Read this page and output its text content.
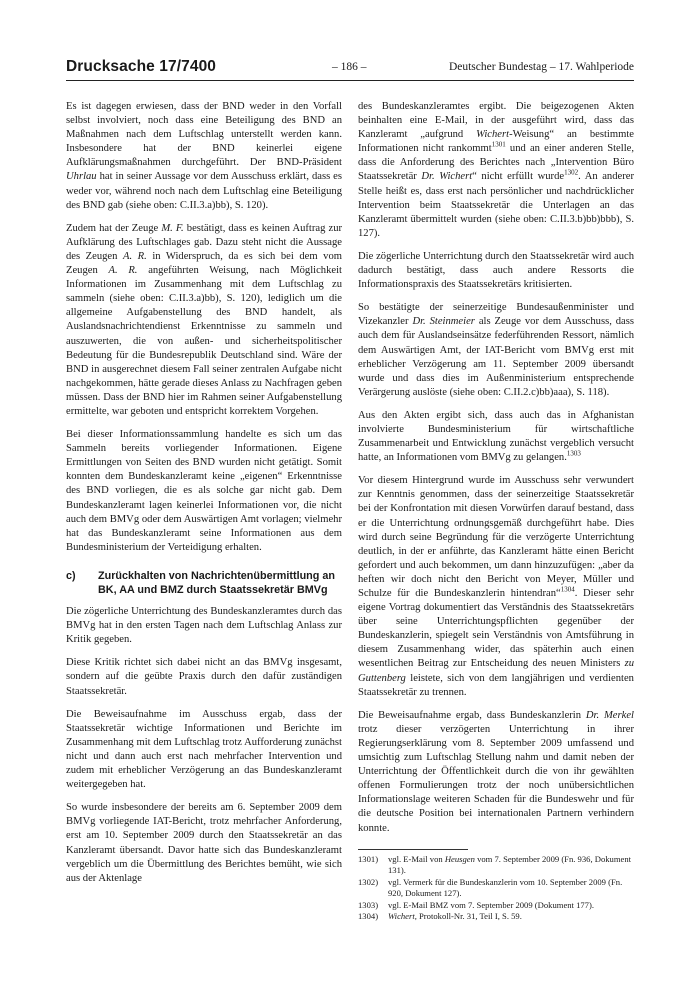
Drucksache 17/7400	– 186 –	Deutscher Bundestag – 17. Wahlperiode

Es ist dagegen erwiesen, dass der BND weder in den Vorfall selbst involviert, noch dass eine Beteiligung des BND an Maßnahmen nach dem Luftschlag unterstellt werden kann. Insbesondere hat der BND keinerlei eigene Aufklärungsmaßnahmen durchgeführt. Der BND-Präsident Uhrlau hat in seiner Aussage vor dem Ausschuss erklärt, dass es weder vor, während noch nach dem Luftschlag eine Beteiligung des BND gab (siehe oben: C.II.3.a)bb), S. 120).

Zudem hat der Zeuge M. F. bestätigt, dass es keinen Auftrag zur Aufklärung des Luftschlages gab. Dazu steht nicht die Aussage des Zeugen A. R. in Widerspruch, da es sich bei dem vom Zeugen A. R. angeführten Weisung, nach Möglichkeit Informationen im Zusammenhang mit dem Luftschlag zu sammeln (siehe oben: C.II.3.a)bb), S. 120), lediglich um die allgemeine Aufgabenstellung des BND handelt, als Auslandsnachrichtendienst Erkenntnisse zu sammeln und auszuwerten, die von außen- und sicherheitspolitischer Bedeutung für die Bundesrepublik Deutschland sind. Wäre der BND in ausgerechnet diesem Fall seiner zentralen Aufgabe nicht nachgekommen, hätte gerade dieses Anlass zu Nachfragen geben müssen. Dass der BND hier im Rahmen seiner Aufgabenstellung ermittelte, war geboten und entspricht korrektem Vorgehen.

Bei dieser Informationssammlung handelte es sich um das Sammeln bereits vorliegender Informationen. Eigene Ermittlungen von Seiten des BND wurden nicht getätigt. Somit konnten dem Bundeskanzleramt keine „eigenen“ Erkenntnisse des BND vorliegen, die es als solche gar nicht gab. Dem Bundeskanzleramt lagen keinerlei Informationen vor, die nicht auch dem BMVg oder dem Auswärtigen Amt vorlagen; vielmehr hat das Bundeskanzleramt seine Informationen aus dem Bundesministerium der Verteidigung erhalten.

c)	Zurückhalten von Nachrichtenübermittlung an BK, AA und BMZ durch Staatssekretär BMVg

Die zögerliche Unterrichtung des Bundeskanzleramtes durch das BMVg hat in den ersten Tagen nach dem Luftschlag Anlass zur Kritik gegeben.

Diese Kritik richtet sich dabei nicht an das BMVg insgesamt, sondern auf die geübte Praxis durch den dafür zuständigen Staatssekretär.

Die Beweisaufnahme im Ausschuss ergab, dass der Staatssekretär wichtige Informationen und Berichte im Zusammenhang mit dem Luftschlag trotz Aufforderung zunächst nicht und dann auch erst nach mehrfacher Intervention und zudem mit erheblicher Verzögerung an das Bundeskanzleramt weitergegeben hat.

So wurde insbesondere der bereits am 6. September 2009 dem BMVg vorliegende IAT-Bericht, trotz mehrfacher Anforderung, erst am 10. September 2009 durch den Staatssekretär an das Kanzleramt übersandt. Davor hatte sich das Bundeskanzleramt vergeblich um die Übermittlung des Berichtes bemüht, wie sich aus der Aktenlage

des Bundeskanzleramtes ergibt. Die beigezogenen Akten beinhalten eine E-Mail, in der ausgeführt wird, dass das Kanzleramt „aufgrund Wichert-Weisung“ an bestimmte Informationen nicht rankommt$^{1301}$ und an einer anderen Stelle, dass die Anforderung des Berichtes nach „Intervention Büro Staatssekretär Dr. Wichert“ nicht erfüllt wurde$^{1302}$. An anderer Stelle heißt es, dass erst nach persönlicher und nachdrücklicher Intervention beim Staatssekretär die Unterlagen an das Kanzleramt übermittelt wurden (siehe oben: C.II.3.b)bb)bbb), S. 127).

Die zögerliche Unterrichtung durch den Staatssekretär wird auch dadurch bestätigt, dass auch andere Ressorts die Informationspraxis des Staatssekretärs kritisierten.

So bestätigte der seinerzeitige Bundesaußenminister und Vizekanzler Dr. Steinmeier als Zeuge vor dem Ausschuss, dass auch dem für Auslandseinsätze federführenden Ressort, nämlich dem Auswärtigen Amt, der IAT-Bericht vom BMVg erst mit erheblicher Verzögerung am 11. September 2009 übersandt wurde und dass dies im Außenministerium entsprechende Verärgerung auslöste (siehe oben: C.II.2.c)bb)aaa), S. 118).

Aus den Akten ergibt sich, dass auch das in Afghanistan involvierte Bundesministerium für wirtschaftliche Zusammenarbeit und Entwicklung zunächst vergeblich versucht hatte, an Informationen vom BMVg zu gelangen.$^{1303}$

Vor diesem Hintergrund wurde im Ausschuss sehr verwundert zur Kenntnis genommen, dass der seinerzeitige Staatssekretär bei der Konfrontation mit diesen Vorwürfen darauf bestand, dass er die Unterrichtung ordnungsgemäß durchgeführt habe. Dies wird durch seine Begründung für die verzögerte Unterrichtung deutlich, in der er anführte, das Kanzleramt hätte einen Bericht gefordert und auch bekommen, um dann hinzuzufügen: „aber da heften wir doch nicht den Bericht von Meyer, Müller und Schulze für die Bundeskanzlerin hintendran“$^{1304}$. Dieser sehr eigene Vortrag dokumentiert das Verständnis des Staatssekretärs über seine Unterrichtungspflichten gegenüber der Bundeskanzlerin, spiegelt sein Verständnis von Amtsführung in diesem Zusammenhang wider, das späterhin auch einen wesentlichen Beitrag zur Entscheidung des neuen Ministers zu Guttenberg leistete, sich von dem langjährigen und verdienten Staatssekretär zu trennen.

Die Beweisaufnahme ergab, dass Bundeskanzlerin Dr. Merkel trotz dieser verzögerten Unterrichtung in ihrer Regierungserklärung vom 8. September 2009 umfassend und umsichtig zum Luftschlag Stellung nahm und damit neben der Unterrichtung der Öffentlichkeit durch die von ihr gewählten offenen Formulierungen trotz der noch unübersichtlichen Informationslage weiteren Schaden für die Bundeswehr und für die deutsche Position bei internationalen Partnern verhindern konnte.

1301)	vgl. E-Mail von Heusgen vom 7. September 2009 (Fn. 936, Dokument 131).
1302)	vgl. Vermerk für die Bundeskanzlerin vom 10. September 2009 (Fn. 920, Dokument 127).
1303)	vgl. E-Mail BMZ vom 7. September 2009 (Dokument 177).
1304)	Wichert, Protokoll-Nr. 31, Teil I, S. 59.
